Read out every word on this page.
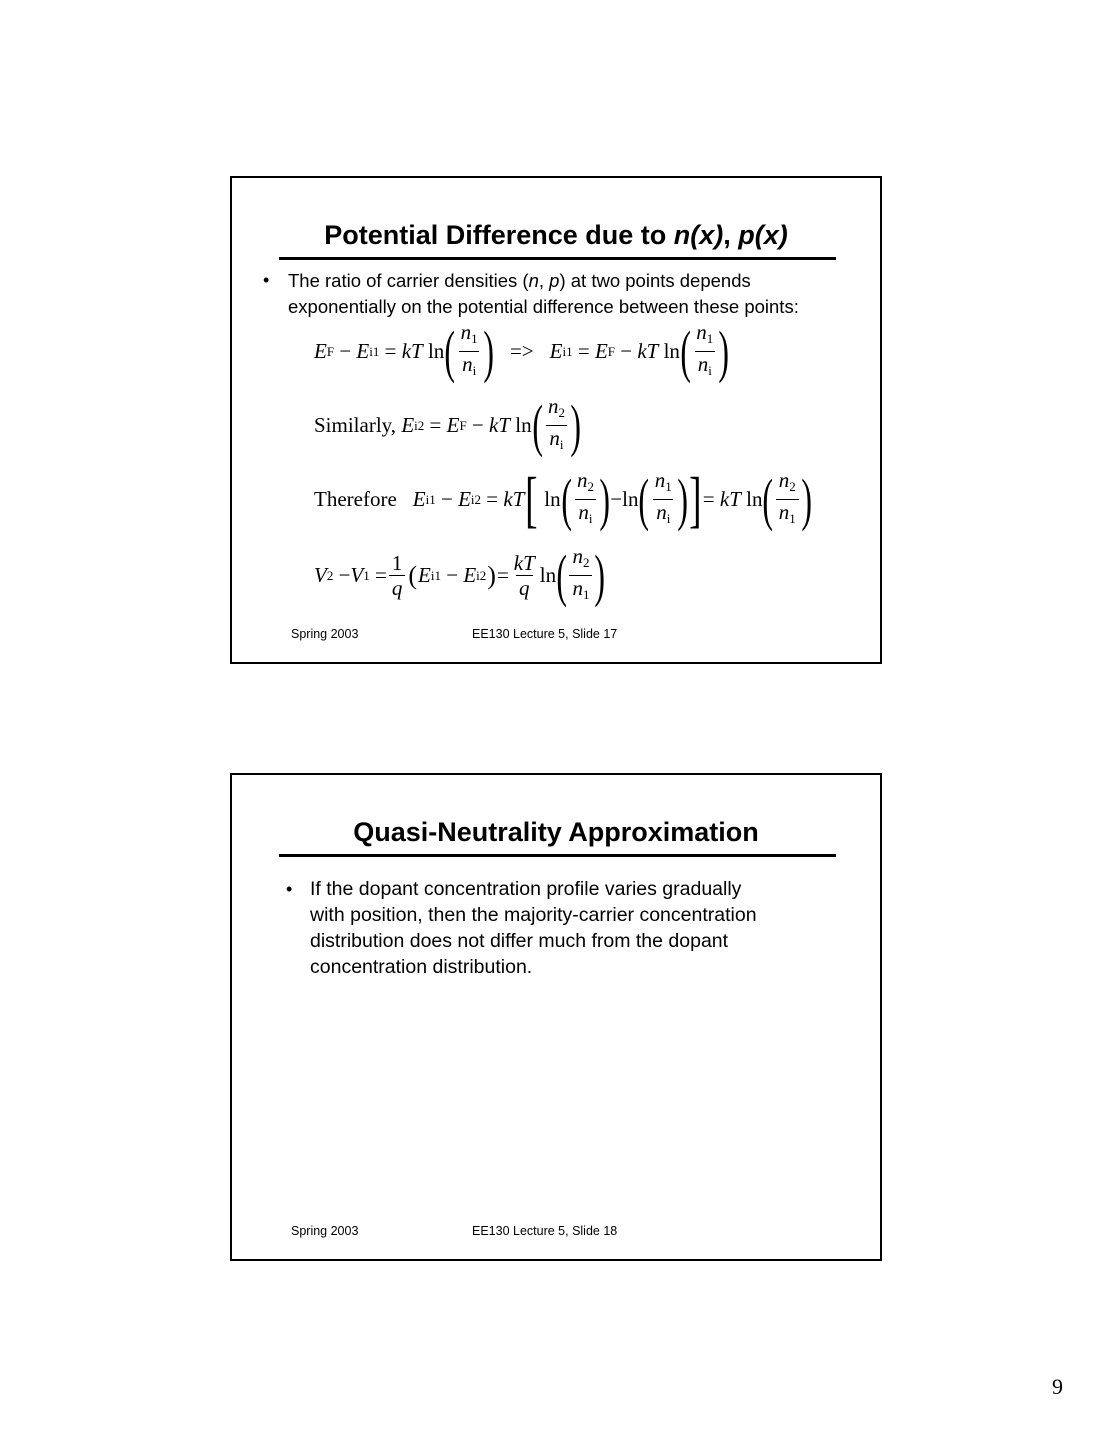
Potential Difference due to n(x), p(x)
• The ratio of carrier densities (n, p) at two points depends
exponentially on the potential difference between these points:
E F − E i1 = kT ln ( $\frac{n_1}{n_i}$ ) => E i1 = E F − kT ln ( $\frac{n_1}{n_i}$ )
Similarly,
E i2 = E F − kT ln ( $\frac{n_2}{n_i}$ )
Therefore E i1 − E i2 = kT [ ln ( $\frac{n_2}{n_i}$ ) −ln ( $\frac{n_1}{n_i}$ ) ] = kT ln ( $\frac{n_2}{n_1}$ )
V 2 − V $1 = \frac{1}{q}$ ( E i1 − E i2 ) = $\frac{kT}{q}$ ln ( $\frac{n_2}{n_1}$ )
Spring 2003	EE130 Lecture 5, Slide 17
Quasi-Neutrality Approximation
• If the dopant concentration profile varies gradually
with position, then the majority-carrier concentration
distribution does not differ much from the dopant
concentration distribution.
Spring 2003	EE130 Lecture 5, Slide 18
9
